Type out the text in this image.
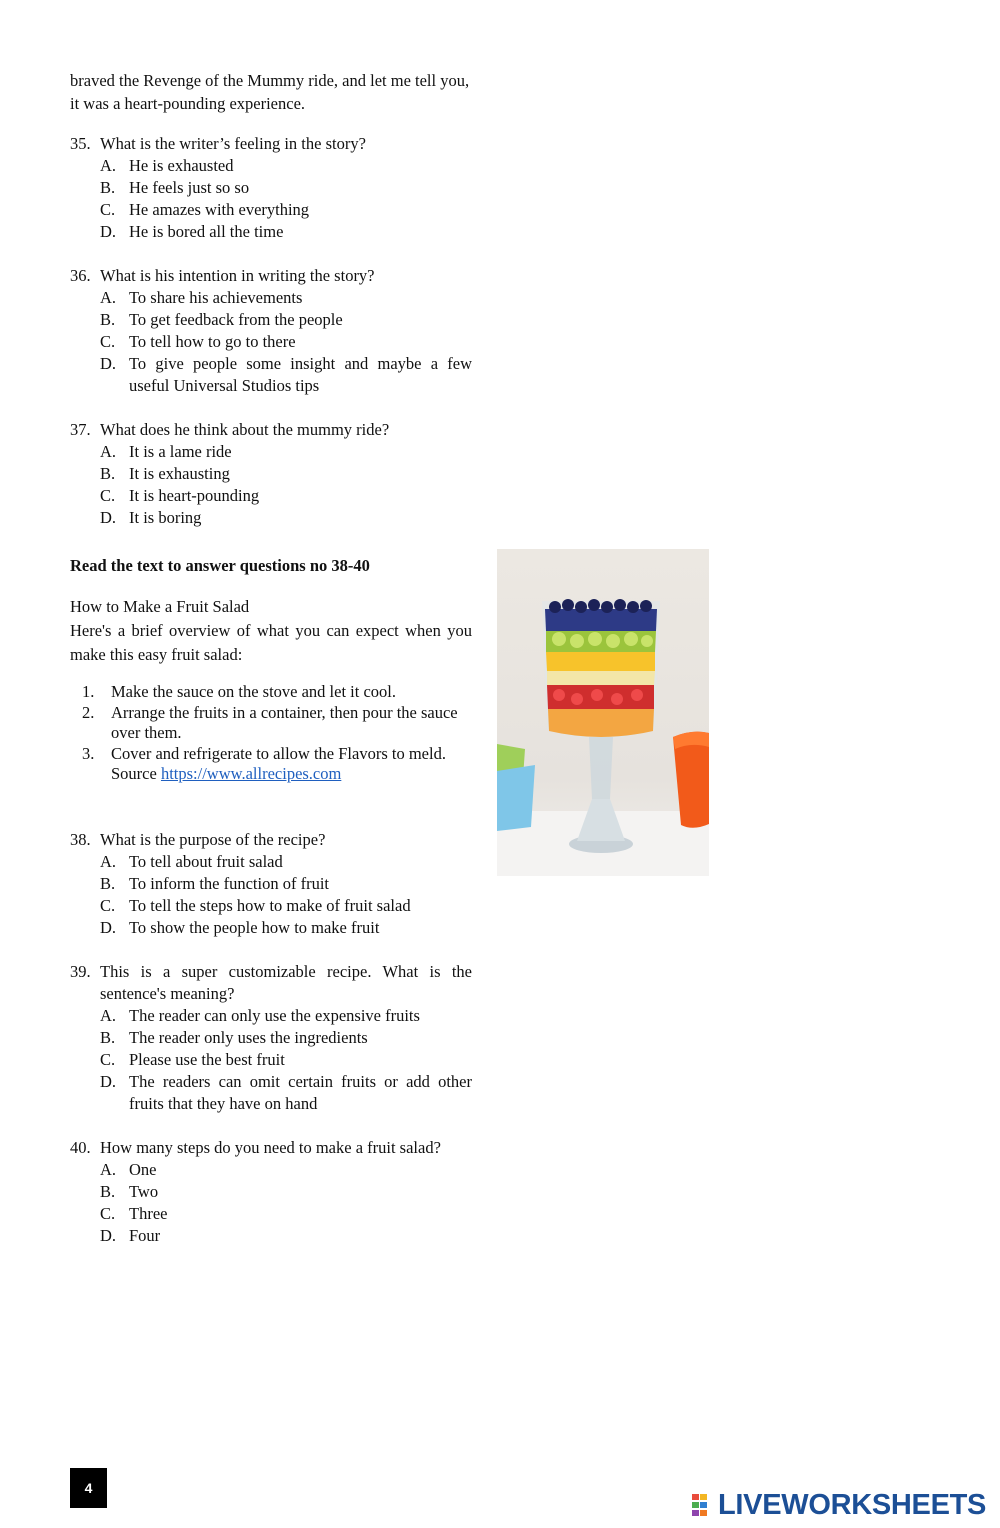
braved the Revenge of the Mummy ride, and let me tell you, it was a heart-pounding experience.
35. What is the writer’s feeling in the story?
A. He is exhausted
B. He feels just so so
C. He amazes with everything
D. He is bored all the time
36. What is his intention in writing the story?
A. To share his achievements
B. To get feedback from the people
C. To tell how to go to there
D. To give people some insight and maybe a few useful Universal Studios tips
37. What does he think about the mummy ride?
A. It is a lame ride
B. It is exhausting
C. It is heart-pounding
D. It is boring
Read the text to answer questions no 38-40
How to Make a Fruit Salad
Here's a brief overview of what you can expect when you make this easy fruit salad:
1.	Make the sauce on the stove and let it cool.
2.	Arrange the fruits in a container, then pour the sauce over them.
3.	Cover and refrigerate to allow the Flavors to meld.
Source https://www.allrecipes.com
38. What is the purpose of the recipe?
A. To tell about fruit salad
B. To inform the function of fruit
C. To tell the steps how to make of fruit salad
D. To show the people how to make fruit
39. This is a super customizable recipe. What is the sentence's meaning?
A. The reader can only use the expensive fruits
B. The reader only uses the ingredients
C. Please use the best fruit
D. The readers can omit certain fruits or add other fruits that they have on hand
40. How many steps do you need to make a fruit salad?
A. One
B. Two
C. Three
D. Four
4
LIVEWORKSHEETS
